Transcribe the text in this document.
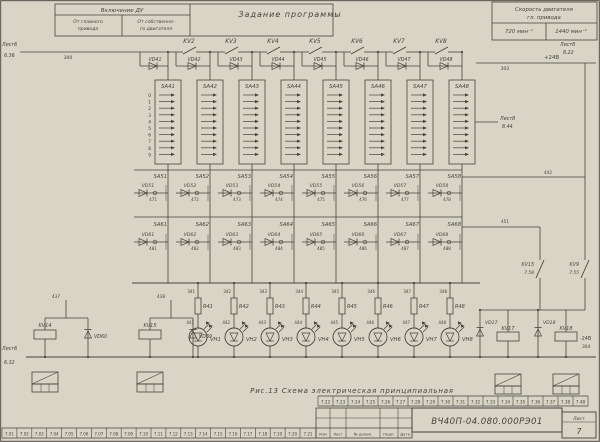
Включение ДУ
От главного
привода
От собственно-
го двигателя
Задание программы	Скорость двигателя
гл. привода
720 мин⁻¹	1440 мин⁻¹
KV2	KV3	KV4	KV5	KV6	KV7	KV8
300
Лист6
6.36	+24В
Лист8
8.22
302
VD41
SA41
0
1
2
3
4
5
6
7
8
9
VD42
SA42
VD43
SA43
VD44
SA44
VD45
SA45
VD46
SA46
VD47
SA47
VD48
SA48
Лист8
8.44
SA51
VD51
471
SA52
VD52
472
SA53
VD53
473
SA54
VD54
474
SA55
VD55
475
SA56
VD56
476
SA57
VD57
477
SA58
VD58
478
SA61
VD61
481
SA62
VD62
482
SA63
VD63
483
SA64
VD64
484
SA65
VD65
485
SA66
VD66
486
SA67
VD67
487
SA68
VD68
488
Лист6
6.32
341
R41
441
VH1
342
R42
442
VH2
343
R43
443
VH3
344
R44
444
VH4
345
R45
445
VH5
346
R46
446
VH6
347
R47
447
VH7
348
R48
448
VH8
437
KV14
VD60
438
KV15
VD69
442
451
KV15
7.58
KV9
7.55
VD17
KV17
VD18
KV18
-24В
304
Рис.13 Схема электрическая принципиальная
7.01 7.02 7.03 7.04 7.05 7.06 7.07 7.08 7.09 7.10 7.11 7.12 7.13 7.14 7.15 7.16 7.17 7.18 7.19 7.20 7.21
7.22 7.23 7.24 7.25 7.26 7.27 7.28 7.29 7.30 7.31 7.32 7.33 7.34 7.35 7.36 7.37 7.38 7.48
Изм Лист	№ докум.	Подп. Дата
ВЧ40П-04.080.000РЭ01	Лист
7
